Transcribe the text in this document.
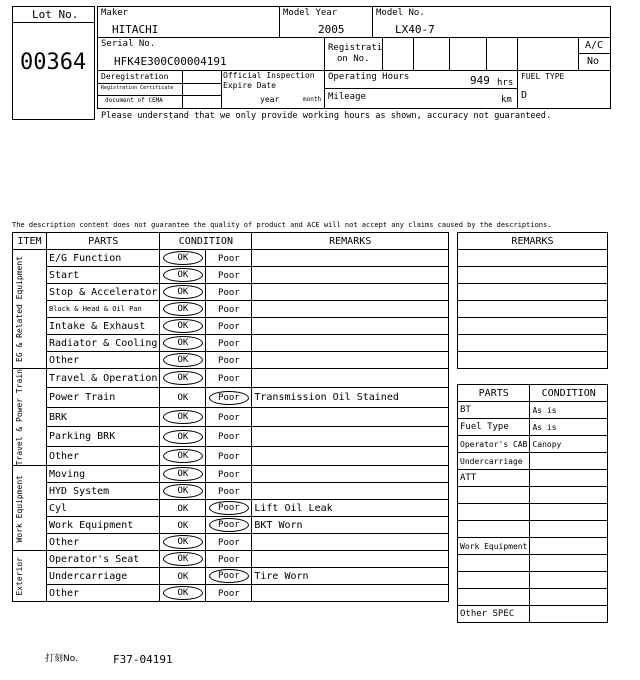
Lot No.
00364
Maker
HITACHI
Model Year
2005
Model No.
LX40-7
Serial No.
HFK4E300C00004191
Registrati
on No.
A/C
No
Deregistration
Registration Certificate
document of CEMA
Official Inspection
Expire Date
year	month
Operating Hours	949 hrs
Mileage	km
FUEL TYPE
D
Please understand that we only provide working hours as shown, accuracy not guaranteed.
The description content does not guarantee the quality of product and ACE will not accept any claims caused by the descriptions.
ITEM	PARTS	CONDITION		REMARKS

EG & Related Equipment	E/G Function	OK	Poor	
	Start	OK	Poor	
	Stop & Accelerator	OK	Poor	
	Block & Head & Oil Pan	OK	Poor	
	Intake & Exhaust	OK	Poor	
	Radiator & Cooling	OK	Poor	
	Other	OK	Poor	

Travel & Power Train	Travel & Operation	OK	Poor	
	Power Train	OK	Poor	Transmission Oil Stained
	BRK	OK	Poor	
	Parking BRK	OK	Poor	
	Other	OK	Poor	

Work Equipment	Moving	OK	Poor	
	HYD System	OK	Poor	
	Cyl	OK	Poor	Lift Oil Leak
	Work Equipment	OK	Poor	BKT Worn
	Other	OK	Poor	

Exterior	Operator's Seat	OK	Poor	
	Undercarriage	OK	Poor	Tire Worn
	Other	OK	Poor	
REMARKS

PARTS	CONDITION
BT	As is
Fuel Type	As is
Operator's CAB	Canopy
Undercarriage	
ATT	

Work Equipment	

Other SPEC	
打刻No.	F37-04191
